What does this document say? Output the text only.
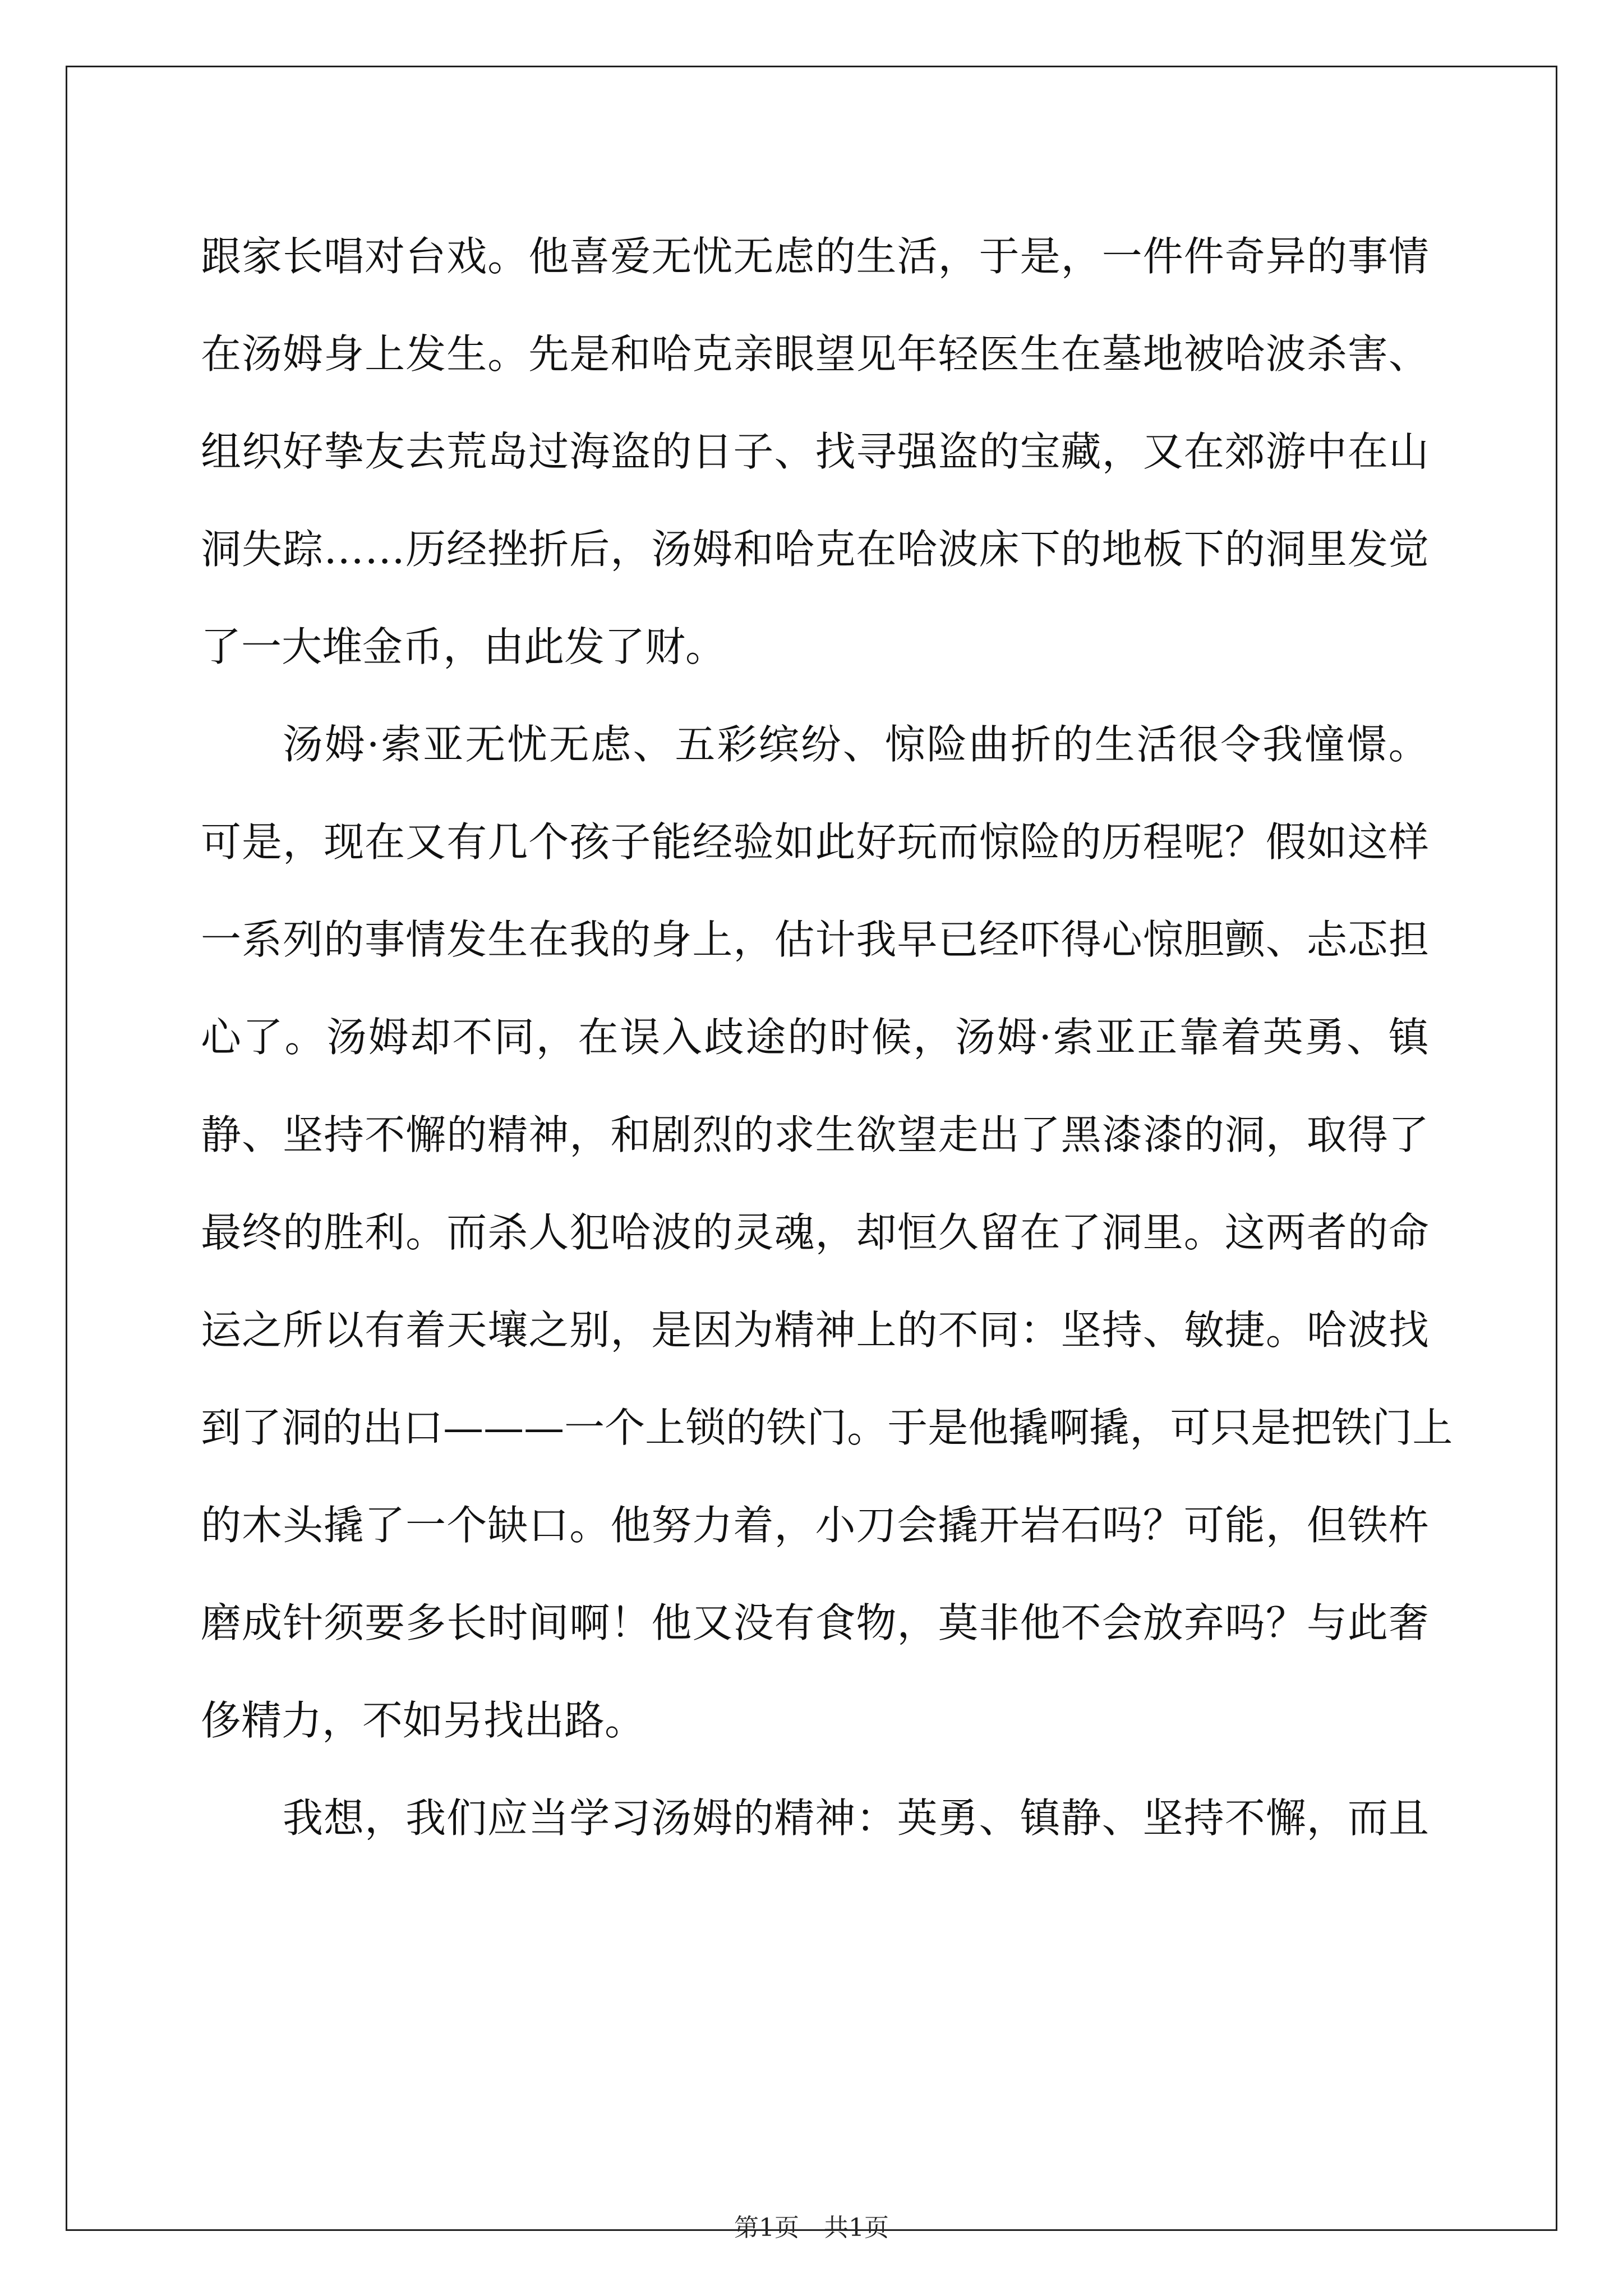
跟 家 长 唱 对 台 戏 。 他 喜 爱 无 忧 无 虑 的 生 活 ， 于 是 ， 一 件 件 奇 异 的 事 情
在 汤 姆 身 上 发 生 。 先 是 和 哈 克 亲 眼 望 见 年 轻 医 生 在 墓 地 被 哈 波 杀 害 、
组 织 好 挚 友 去 荒 岛 过 海 盗 的 日 子 、 找 寻 强 盗 的 宝 藏 ， 又 在 郊 游 中 在 山
洞 失 踪 … … 历 经 挫 折 后 ， 汤 姆 和 哈 克 在 哈 波 床 下 的 地 板 下 的 洞 里 发 觉
了一大堆金币，由此发了财。
汤 姆 · 索 亚 无 忧 无 虑 、 五 彩 缤 纷 、 惊 险 曲 折 的 生 活 很 令 我 憧 憬 。
可 是 ， 现 在 又 有 几 个 孩 子 能 经 验 如 此 好 玩 而 惊 险 的 历 程 呢 ？ 假 如 这 样
一 系 列 的 事 情 发 生 在 我 的 身 上 ， 估 计 我 早 已 经 吓 得 心 惊 胆 颤 、 忐 忑 担
心 了 。 汤 姆 却 不 同 ， 在 误 入 歧 途 的 时 候 ， 汤 姆 · 索 亚 正 靠 着 英 勇 、 镇
静 、 坚 持 不 懈 的 精 神 ， 和 剧 烈 的 求 生 欲 望 走 出 了 黑 漆 漆 的 洞 ， 取 得 了
最 终 的 胜 利 。 而 杀 人 犯 哈 波 的 灵 魂 ， 却 恒 久 留 在 了 洞 里 。 这 两 者 的 命
运 之 所 以 有 着 天 壤 之 别 ， 是 因 为 精 神 上 的 不 同 ： 坚 持 、 敏 捷 。 哈 波 找
到 了 洞 的 出 口 — — — 一 个 上 锁 的 铁 门 。 于 是 他 撬 啊 撬 ， 可 只 是 把 铁 门 上
的 木 头 撬 了 一 个 缺 口 。 他 努 力 着 ， 小 刀 会 撬 开 岩 石 吗 ？ 可 能 ， 但 铁 杵
磨 成 针 须 要 多 长 时 间 啊 ！ 他 又 没 有 食 物 ， 莫 非 他 不 会 放 弃 吗 ？ 与 此 奢
侈精力，不如另找出路。
我 想 ， 我 们 应 当 学 习 汤 姆 的 精 神 ： 英 勇 、 镇 静 、 坚 持 不 懈 ， 而 且
第1页　共1页
